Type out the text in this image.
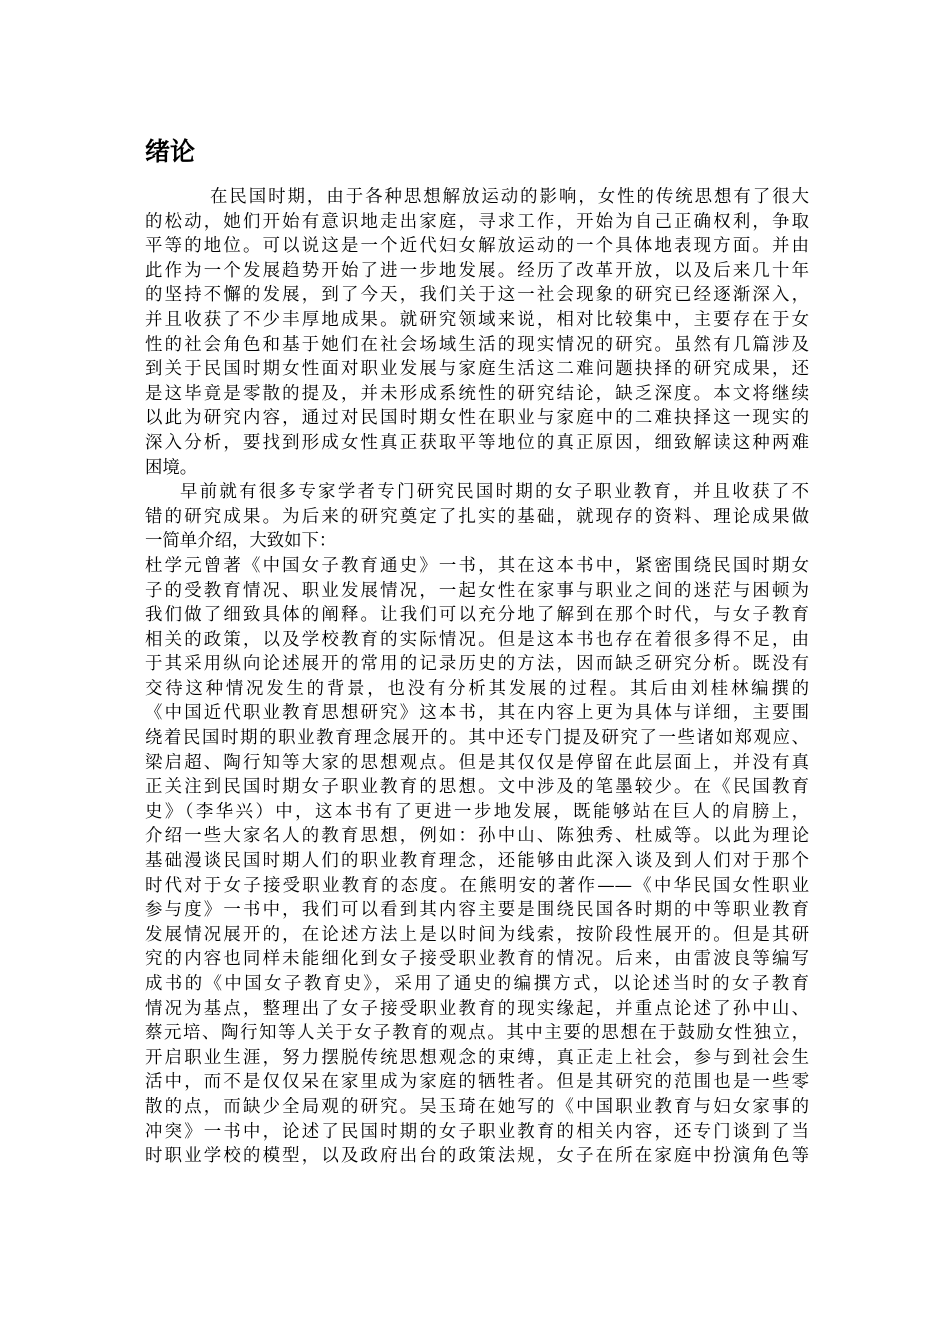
绪论
在民国时期，由于各种思想解放运动的影响，女性的传统思想有了很大
的松动，她们开始有意识地走出家庭，寻求工作，开始为自己正确权利，争取
平等的地位。可以说这是一个近代妇女解放运动的一个具体地表现方面。并由
此作为一个发展趋势开始了进一步地发展。经历了改革开放，以及后来几十年
的坚持不懈的发展，到了今天，我们关于这一社会现象的研究已经逐渐深入，
并且收获了不少丰厚地成果。就研究领域来说，相对比较集中，主要存在于女
性的社会角色和基于她们在社会场域生活的现实情况的研究。虽然有几篇涉及
到关于民国时期女性面对职业发展与家庭生活这二难问题抉择的研究成果，还
是这毕竟是零散的提及，并未形成系统性的研究结论，缺乏深度。本文将继续
以此为研究内容，通过对民国时期女性在职业与家庭中的二难抉择这一现实的
深入分析，要找到形成女性真正获取平等地位的真正原因，细致解读这种两难
困境。
早前就有很多专家学者专门研究民国时期的女子职业教育，并且收获了不
错的研究成果。为后来的研究奠定了扎实的基础，就现存的资料、理论成果做
一简单介绍，大致如下：
杜学元曾著《中国女子教育通史》一书，其在这本书中，紧密围绕民国时期女
子的受教育情况、职业发展情况，一起女性在家事与职业之间的迷茫与困顿为
我们做了细致具体的阐释。让我们可以充分地了解到在那个时代，与女子教育
相关的政策，以及学校教育的实际情况。但是这本书也存在着很多得不足，由
于其采用纵向论述展开的常用的记录历史的方法，因而缺乏研究分析。既没有
交待这种情况发生的背景，也没有分析其发展的过程。其后由刘桂林编撰的
《中国近代职业教育思想研究》这本书，其在内容上更为具体与详细，主要围
绕着民国时期的职业教育理念展开的。其中还专门提及研究了一些诸如郑观应、
梁启超、陶行知等大家的思想观点。但是其仅仅是停留在此层面上，并没有真
正关注到民国时期女子职业教育的思想。文中涉及的笔墨较少。在《民国教育
史》（李华兴）中，这本书有了更进一步地发展，既能够站在巨人的肩膀上，
介绍一些大家名人的教育思想，例如：孙中山、陈独秀、杜威等。以此为理论
基础漫谈民国时期人们的职业教育理念，还能够由此深入谈及到人们对于那个
时代对于女子接受职业教育的态度。在熊明安的著作——《中华民国女性职业
参与度》一书中，我们可以看到其内容主要是围绕民国各时期的中等职业教育
发展情况展开的，在论述方法上是以时间为线索，按阶段性展开的。但是其研
究的内容也同样未能细化到女子接受职业教育的情况。后来，由雷波良等编写
成书的《中国女子教育史》，采用了通史的编撰方式，以论述当时的女子教育
情况为基点，整理出了女子接受职业教育的现实缘起，并重点论述了孙中山、
蔡元培、陶行知等人关于女子教育的观点。其中主要的思想在于鼓励女性独立，
开启职业生涯，努力摆脱传统思想观念的束缚，真正走上社会，参与到社会生
活中，而不是仅仅呆在家里成为家庭的牺牲者。但是其研究的范围也是一些零
散的点，而缺少全局观的研究。吴玉琦在她写的《中国职业教育与妇女家事的
冲突》一书中，论述了民国时期的女子职业教育的相关内容，还专门谈到了当
时职业学校的模型，以及政府出台的政策法规，女子在所在家庭中扮演角色等
